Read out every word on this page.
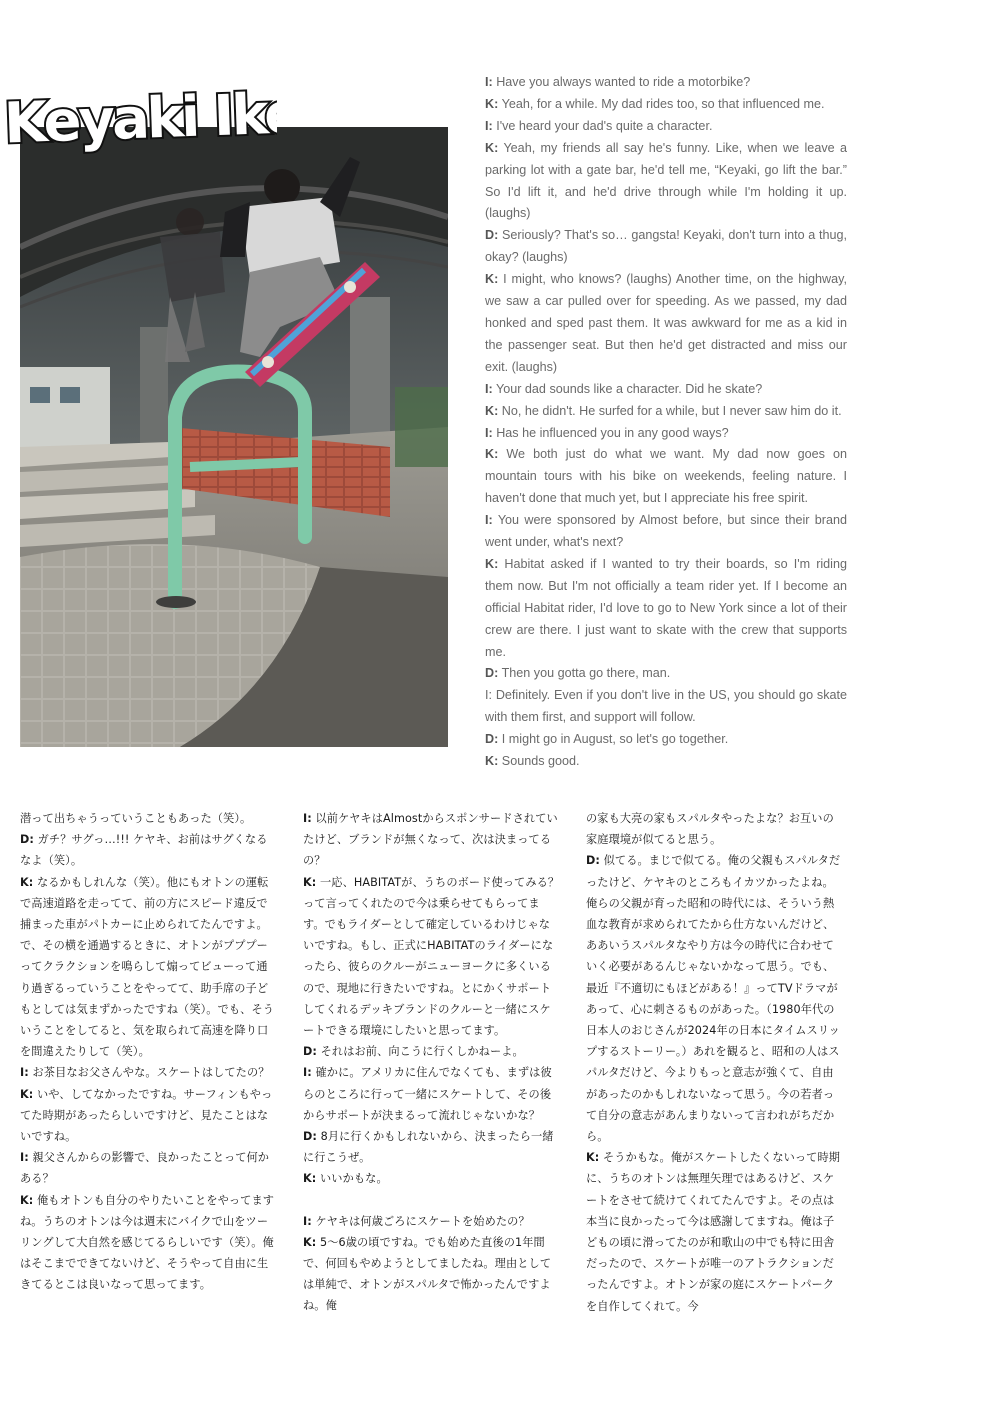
Keyaki Ike	I: Have you always wanted to ride a motorbike?
K: Yeah, for a while. My dad rides too, so that influenced me.
I: I've heard your dad's quite a character.
K: Yeah, my friends all say he's funny. Like, when we leave a parking lot with a gate bar, he'd tell me, “Keyaki, go lift the bar.” So I'd lift it, and he'd drive through while I'm holding it up. (laughs)
D: Seriously? That's so… gangsta! Keyaki, don't turn into a thug, okay? (laughs)
K: I might, who knows? (laughs) Another time, on the highway, we saw a car pulled over for speeding. As we passed, my dad honked and sped past them. It was awkward for me as a kid in the passenger seat. But then he'd get distracted and miss our exit. (laughs)
I: Your dad sounds like a character. Did he skate?
K: No, he didn't. He surfed for a while, but I never saw him do it.
I: Has he influenced you in any good ways?
K: We both just do what we want. My dad now goes on mountain tours with his bike on weekends, feeling nature. I haven't done that much yet, but I appreciate his free spirit.
I: You were sponsored by Almost before, but since their brand went under, what's next?
K: Habitat asked if I wanted to try their boards, so I'm riding them now. But I'm not officially a team rider yet. If I become an official Habitat rider, I'd love to go to New York since a lot of their crew are there. I just want to skate with the crew that supports me.
D: Then you gotta go there, man.
I: Definitely. Even if you don't live in the US, you should go skate with them first, and support will follow.
D: I might go in August, so let's go together.
K: Sounds good.
潜って出ちゃうっていうこともあった（笑）。
D: ガチ？サグっ…!!! ケヤキ、お前はサグくなるなよ（笑）。
K: なるかもしれんな（笑）。他にもオトンの運転で高速道路を走ってて、前の方にスピード違反で捕まった車がパトカーに止められてたんですよ。で、その横を通過するときに、オトンがプププーってクラクションを鳴らして煽ってビューって通り過ぎるっていうことをやってて、助手席の子どもとしては気まずかったですね（笑）。でも、そういうことをしてると、気を取られて高速を降り口を間違えたりして（笑）。
I: お茶目なお父さんやな。スケートはしてたの？
K: いや、してなかったですね。サーフィンもやってた時期があったらしいですけど、見たことはないですね。
I: 親父さんからの影響で、良かったことって何かある？
K: 俺もオトンも自分のやりたいことをやってますね。うちのオトンは今は週末にバイクで山をツーリングして大自然を感じてるらしいです（笑）。俺はそこまでできてないけど、そうやって自由に生きてるとこは良いなって思ってます。
I: 以前ケヤキはAlmostからスポンサードされていたけど、ブランドが無くなって、次は決まってるの？
K: 一応、HABITATが、うちのボード使ってみる？って言ってくれたので今は乗らせてもらってます。でもライダーとして確定しているわけじゃないですね。もし、正式にHABITATのライダーになったら、彼らのクルーがニューヨークに多くいるので、現地に行きたいですね。とにかくサポートしてくれるデッキブランドのクルーと一緒にスケートできる環境にしたいと思ってます。
D: それはお前、向こうに行くしかねーよ。
I: 確かに。アメリカに住んでなくても、まずは彼らのところに行って一緒にスケートして、その後からサポートが決まるって流れじゃないかな？
D: 8月に行くかもしれないから、決まったら一緒に行こうぜ。
K: いいかもな。
I: ケヤキは何歳ごろにスケートを始めたの？
K: 5〜6歳の頃ですね。でも始めた直後の1年間で、何回もやめようとしてましたね。理由としては単純で、オトンがスパルタで怖かったんですよね。俺
の家も大亮の家もスパルタやったよな？お互いの家庭環境が似てると思う。
D: 似てる。まじで似てる。俺の父親もスパルタだったけど、ケヤキのところもイカツかったよね。俺らの父親が育った昭和の時代には、そういう熱血な教育が求められてたから仕方ないんだけど、ああいうスパルタなやり方は今の時代に合わせていく必要があるんじゃないかなって思う。でも、最近『不適切にもほどがある！』ってTVドラマがあって、心に刺さるものがあった。（1980年代の日本人のおじさんが2024年の日本にタイムスリップするストーリー。）あれを観ると、昭和の人はスパルタだけど、今よりもっと意志が強くて、自由があったのかもしれないなって思う。今の若者って自分の意志があんまりないって言われがちだから。
K: そうかもな。俺がスケートしたくないって時期に、うちのオトンは無理矢理ではあるけど、スケートをさせて続けてくれてたんですよ。その点は本当に良かったって今は感謝してますね。俺は子どもの頃に滑ってたのが和歌山の中でも特に田舎だったので、スケートが唯一のアトラクションだったんですよ。オトンが家の庭にスケートパークを自作してくれて。今
